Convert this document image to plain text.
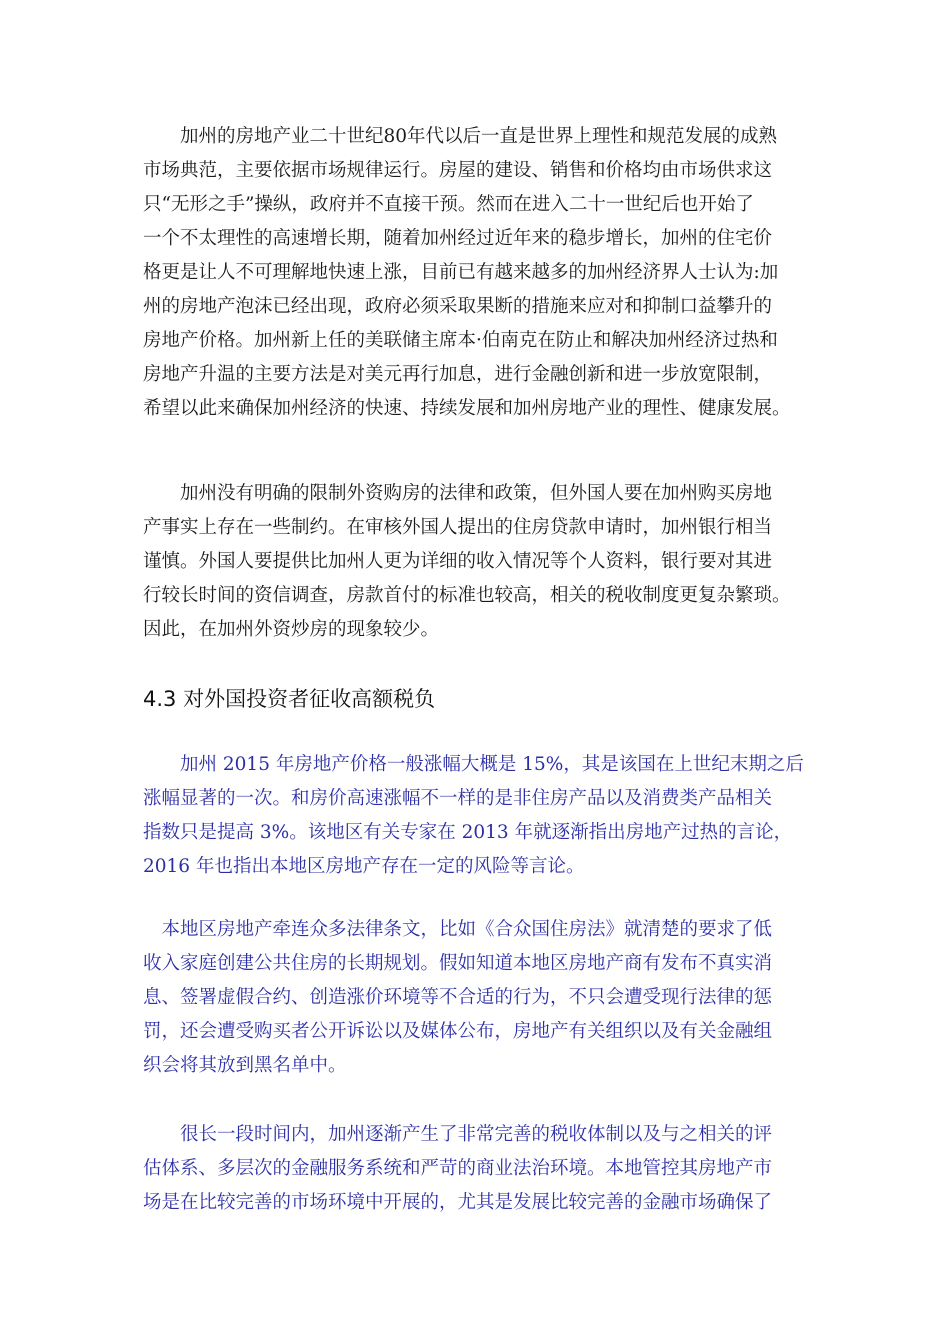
　　加州的房地产业二十世纪80年代以后一直是世界上理性和规范发展的成熟
市场典范，主要依据市场规律运行。房屋的建设、销售和价格均由市场供求这
只“无形之手”操纵，政府并不直接干预。然而在进入二十一世纪后也开始了
一个不太理性的高速增长期，随着加州经过近年来的稳步增长，加州的住宅价
格更是让人不可理解地快速上涨，目前已有越来越多的加州经济界人士认为:加
州的房地产泡沫已经出现，政府必须采取果断的措施来应对和抑制口益攀升的
房地产价格。加州新上任的美联储主席本·伯南克在防止和解决加州经济过热和
房地产升温的主要方法是对美元再行加息，进行金融创新和进一步放宽限制，
希望以此来确保加州经济的快速、持续发展和加州房地产业的理性、健康发展。
　　加州没有明确的限制外资购房的法律和政策，但外国人要在加州购买房地
产事实上存在一些制约。在审核外国人提出的住房贷款申请时，加州银行相当
谨慎。外国人要提供比加州人更为详细的收入情况等个人资料，银行要对其进
行较长时间的资信调查，房款首付的标准也较高，相关的税收制度更复杂繁琐。
因此，在加州外资炒房的现象较少。
4.3 对外国投资者征收高额税负
　　加州 2015 年房地产价格一般涨幅大概是 15%，其是该国在上世纪末期之后
涨幅显著的一次。和房价高速涨幅不一样的是非住房产品以及消费类产品相关
指数只是提高 3%。该地区有关专家在 2013 年就逐渐指出房地产过热的言论，
2016 年也指出本地区房地产存在一定的风险等言论。
　本地区房地产牵连众多法律条文，比如《合众国住房法》就清楚的要求了低
收入家庭创建公共住房的长期规划。假如知道本地区房地产商有发布不真实消
息、签署虚假合约、创造涨价环境等不合适的行为，不只会遭受现行法律的惩
罚，还会遭受购买者公开诉讼以及媒体公布，房地产有关组织以及有关金融组
织会将其放到黑名单中。
　　很长一段时间内，加州逐渐产生了非常完善的税收体制以及与之相关的评
估体系、多层次的金融服务系统和严苛的商业法治环境。本地管控其房地产市
场是在比较完善的市场环境中开展的，尤其是发展比较完善的金融市场确保了
